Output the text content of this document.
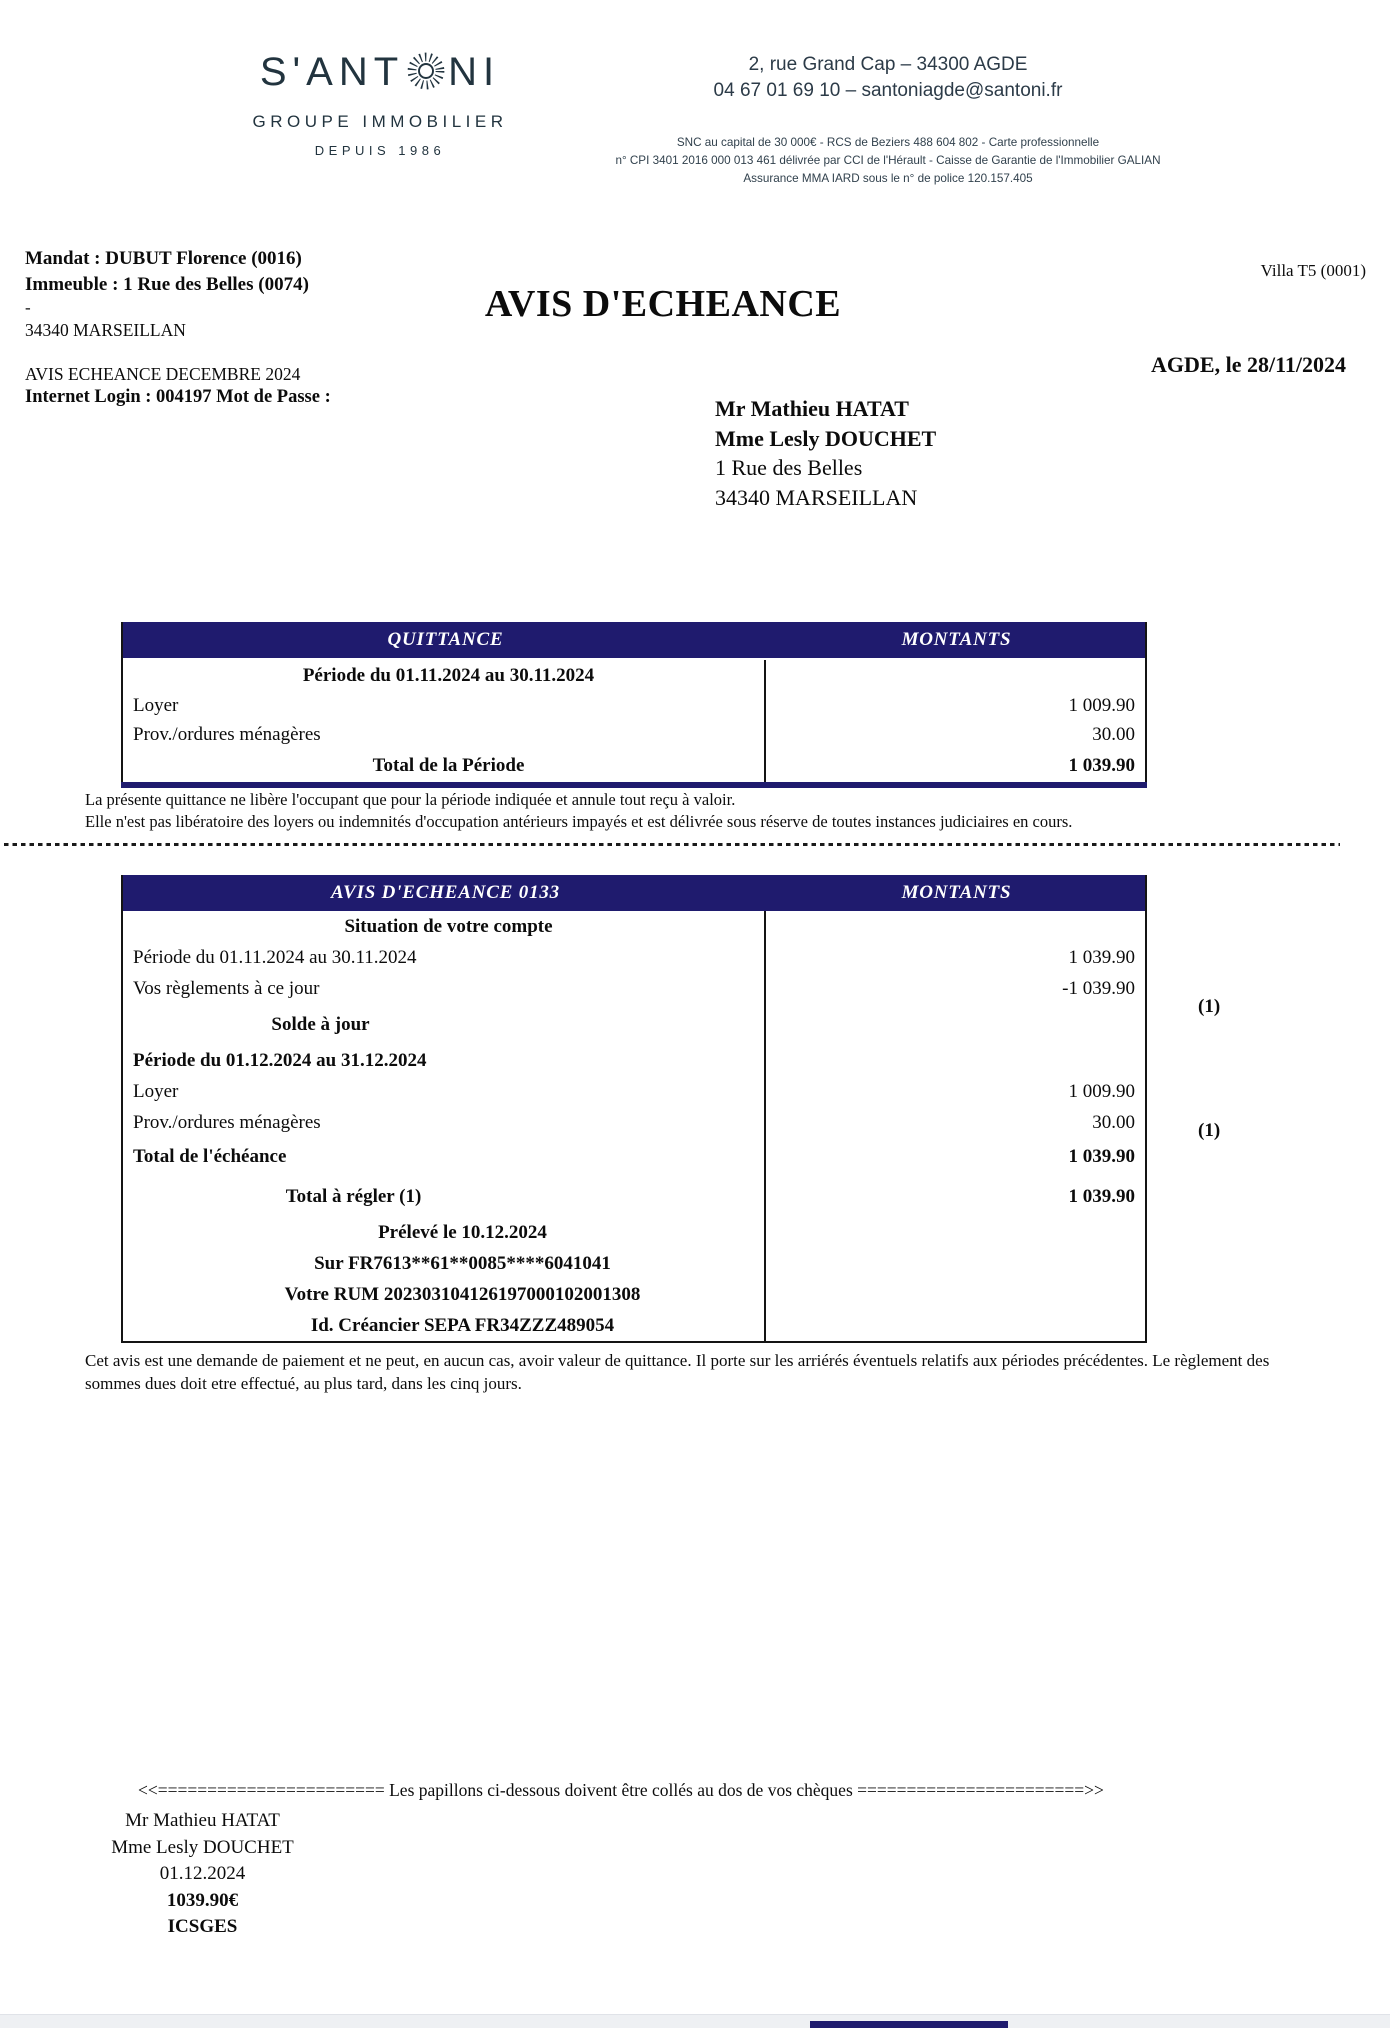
S'ANT NI
GROUPE IMMOBILIER
DEPUIS 1986
2, rue Grand Cap – 34300 AGDE
04 67 01 69 10 – santoniagde@santoni.fr
SNC au capital de 30 000€ - RCS de Beziers 488 604 802 - Carte professionnelle
n° CPI 3401 2016 000 013 461 délivrée par CCI de l'Hérault - Caisse de Garantie de l'Immobilier GALIAN
Assurance MMA IARD sous le n° de police 120.157.405
Mandat : DUBUT Florence (0016)
Immeuble : 1 Rue des Belles (0074)
-
34340 MARSEILLAN
AVIS ECHEANCE DECEMBRE 2024
Internet Login : 004197 Mot de Passe :
Villa T5 (0001)
AVIS D'ECHEANCE
AGDE, le 28/11/2024
Mr Mathieu HATAT
Mme Lesly DOUCHET
1 Rue des Belles
34340 MARSEILLAN
QUITTANCE	MONTANTS
Période du 01.11.2024 au 30.11.2024
Loyer	1 009.90
Prov./ordures ménagères	30.00
Total de la Période	1 039.90
La présente quittance ne libère l'occupant que pour la période indiquée et annule tout reçu à valoir.
Elle n'est pas libératoire des loyers ou indemnités d'occupation antérieurs impayés et est délivrée sous réserve de toutes instances judiciaires en cours.
AVIS D'ECHEANCE 0133	MONTANTS
Situation de votre compte
Période du 01.11.2024 au 30.11.2024	1 039.90
Vos règlements à ce jour	-1 039.90
Solde à jour
Période du 01.12.2024 au 31.12.2024
Loyer	1 009.90
Prov./ordures ménagères	30.00
Total de l'échéance	1 039.90
Total à régler (1)	1 039.90
Prélevé le 10.12.2024
Sur FR7613**61**0085****6041041
Votre RUM 202303104126197000102001308
Id. Créancier SEPA FR34ZZZ489054
(1)
(1)
Cet avis est une demande de paiement et ne peut, en aucun cas, avoir valeur de quittance. Il porte sur les arriérés éventuels relatifs aux périodes précédentes. Le règlement des
sommes dues doit etre effectué, au plus tard, dans les cinq jours.
<<======================= Les papillons ci-dessous doivent être collés au dos de vos chèques =======================>>
Mr Mathieu HATAT
Mme Lesly DOUCHET
01.12.2024
1039.90€
ICSGES
